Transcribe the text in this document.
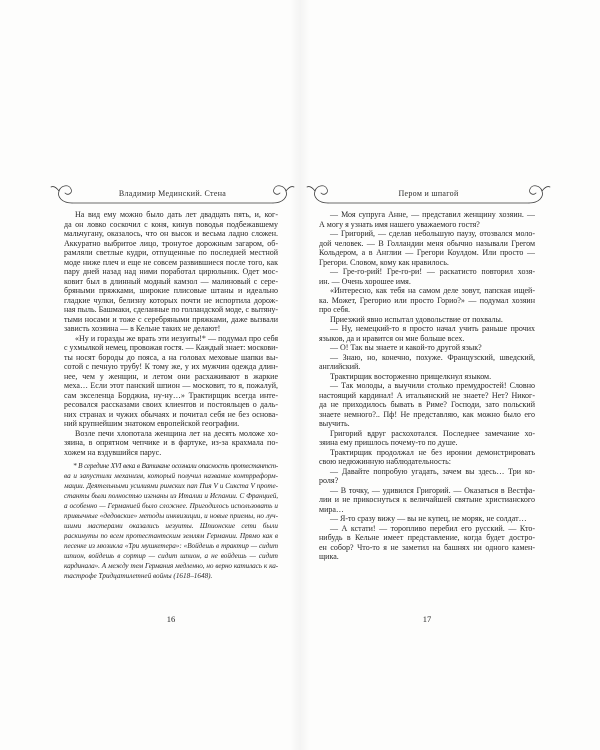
Владимир Мединский. Стена
На вид ему можно было дать лет двадцать пять, и, ког-
да он ловко соскочил с коня, кинув поводья подбежавшему
мальчугану, оказалось, что он высок и весьма ладно сложен.
Аккуратно выбритое лицо, тронутое дорожным загаром, об-
рамляли светлые кудри, отпущенные по последней местной
моде ниже плеч и еще не совсем развившиеся после того, как
пару дней назад над ними поработал цирюльник. Одет мос-
ковит был в длинный модный камзол — малиновый с сере-
бряными пряжками, широкие плисовые штаны и идеально
гладкие чулки, белизну которых почти не испортила дорож-
ная пыль. Башмаки, сделанные по голландской моде, с вытяну-
тыми носами и тоже с серебряными пряжками, даже вызвали
зависть хозяина — в Кельне таких не делают!
«Ну и горазды же врать эти иезуиты!* — подумал про себя
с ухмылкой немец, провожая гостя. — Каждый знает: москови-
ты носят бороды до пояса, а на головах меховые шапки вы-
сотой с печную трубу! К тому же, у их мужчин одежда длин-
нее, чем у женщин, и летом они расхаживают в жаркие
меха… Если этот панский шпион — московит, то я, пожалуй,
сам экселенца Борджиа, ну-ну…» Трактирщик всегда инте-
ресовался рассказами своих клиентов и постояльцев о даль-
них странах и чужих обычаях и почитал себя не без основа-
ний крупнейшим знатоком европейской географии.
Возле печи хлопотала женщина лет на десять моложе хо-
зяина, в опрятном чепчике и в фартуке, из-за крахмала по-
хожем на вздувшийся парус.
* В середине XVI века в Ватикане осознали опасность протестантст-
ва и запустили механизм, который получил название контрреформ-
мации. Деятельными усилиями римских пап Пия V и Сикста V проте-
станты были полностью изгнаны из Италии и Испании. С Францией,
а особенно — Германией было сложнее. Пригодилось использовать и
привычные «дедовские» методы инквизиции, и новые приемы, но луч-
шими мастерами оказались иезуиты. Шпионские сети были
раскинуты по всем протестантским землям Германии. Прямо как в
песенке из мюзикла «Три мушкетера»: «Войдешь в трактир — сидит
шпион, войдешь в сортир — сидит шпион, а не войдешь — сидит
кардинала». А между тем Германия медленно, но верно катилась к ка-
тастрофе Тридцатилетней войны (1618–1648).
16
Пером и шпагой
— Моя супруга Анне, — представил женщину хозяин. —
А могу я узнать имя нашего уважаемого гостя?
— Григорий, — сделав небольшую паузу, отозвался моло-
дой человек. — В Голландии меня обычно называли Грегом
Кольдером, а в Англии — Грегори Коулдом. Или просто —
Грегори. Словом, кому как нравилось.
— Гре-го-рий! Гре-го-ри! — раскатисто повторил хозя-
ин. — Очень хорошее имя.
«Интересно, как тебя на самом деле зовут, папская ищей-
ка. Может, Грегорио или просто Горио?» — подумал хозяин
про себя.
Приезжий явно испытал удовольствие от похвалы.
— Ну, немецкий-то я просто начал учить раньше прочих
языков, да и нравится он мне больше всех.
— О! Так вы знаете и какой-то другой язык?
— Знаю, но, конечно, похуже. Французский, шведский,
английский.
Трактирщик восторженно прищелкнул языком.
— Так молоды, а выучили столько премудростей! Словно
настоящий кардинал! А итальянский не знаете? Нет? Никог-
да не приходилось бывать в Риме? Господи, зато польский
знаете немного?.. Пф! Не представляю, как можно было его
выучить.
Григорий вдруг расхохотался. Последнее замечание хо-
зяина ему пришлось почему-то по душе.
Трактирщик продолжал не без иронии демонстрировать
свою недюжинную наблюдательность:
— Давайте попробую угадать, зачем вы здесь… Три ко-
роля?
— В точку, — удивился Григорий. — Оказаться в Вестфа-
лии и не прикоснуться к величайшей святыне христианского
мира…
— Я-то сразу вижу — вы не купец, не моряк, не солдат…
— А кстати! — торопливо перебил его русский. — Кто-
нибудь в Кельне имеет представление, когда будет достро-
ен собор? Что-то я не заметил на башнях ни одного камен-
щика.
17
